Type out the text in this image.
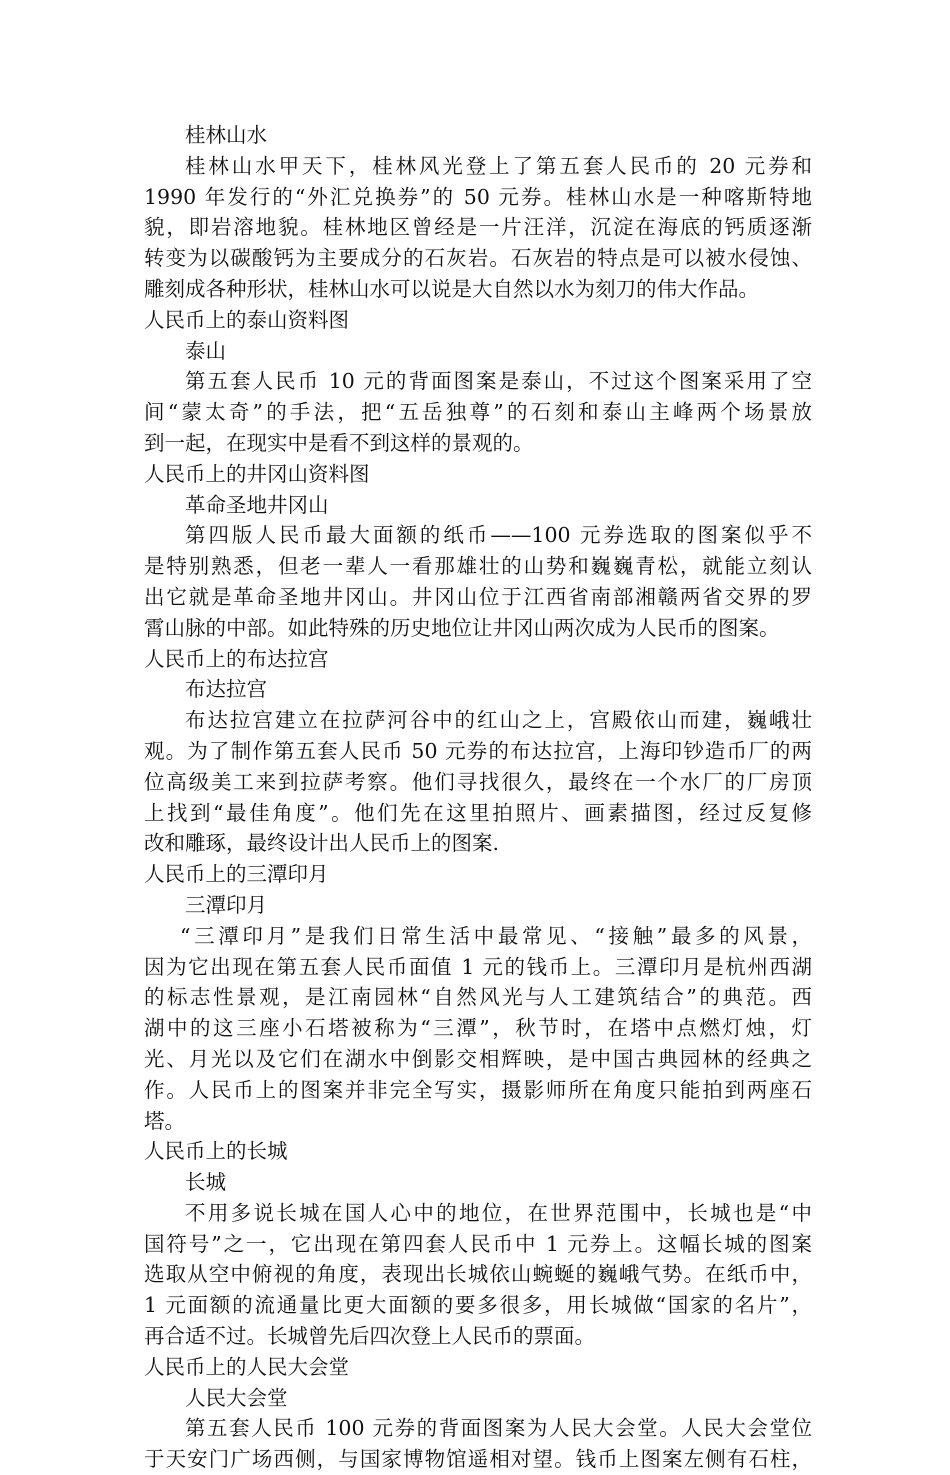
桂林山水
桂林山水甲天下，桂林风光登上了第五套人民币的 20 元券和
1990 年发行的“外汇兑换券”的 50 元券。桂林山水是一种喀斯特地
貌，即岩溶地貌。桂林地区曾经是一片汪洋，沉淀在海底的钙质逐渐
转变为以碳酸钙为主要成分的石灰岩。石灰岩的特点是可以被水侵蚀、
雕刻成各种形状，桂林山水可以说是大自然以水为刻刀的伟大作品。
人民币上的泰山资料图
泰山
第五套人民币 10 元的背面图案是泰山，不过这个图案采用了空
间“蒙太奇”的手法，把“五岳独尊”的石刻和泰山主峰两个场景放
到一起，在现实中是看不到这样的景观的。
人民币上的井冈山资料图
革命圣地井冈山
第四版人民币最大面额的纸币——100 元券选取的图案似乎不
是特别熟悉，但老一辈人一看那雄壮的山势和巍巍青松，就能立刻认
出它就是革命圣地井冈山。井冈山位于江西省南部湘赣两省交界的罗
霄山脉的中部。如此特殊的历史地位让井冈山两次成为人民币的图案。
人民币上的布达拉宫
布达拉宫
布达拉宫建立在拉萨河谷中的红山之上，宫殿依山而建，巍峨壮
观。为了制作第五套人民币 50 元券的布达拉宫，上海印钞造币厂的两
位高级美工来到拉萨考察。他们寻找很久，最终在一个水厂的厂房顶
上找到“最佳角度”。他们先在这里拍照片、画素描图，经过反复修
改和雕琢，最终设计出人民币上的图案.
人民币上的三潭印月
三潭印月
“三潭印月”是我们日常生活中最常见、“接触”最多的风景，
因为它出现在第五套人民币面值 1 元的钱币上。三潭印月是杭州西湖
的标志性景观，是江南园林“自然风光与人工建筑结合”的典范。西
湖中的这三座小石塔被称为“三潭”，秋节时，在塔中点燃灯烛，灯
光、月光以及它们在湖水中倒影交相辉映，是中国古典园林的经典之
作。人民币上的图案并非完全写实，摄影师所在角度只能拍到两座石
塔。
人民币上的长城
长城
不用多说长城在国人心中的地位，在世界范围中，长城也是“中
国符号”之一，它出现在第四套人民币中 1 元券上。这幅长城的图案
选取从空中俯视的角度，表现出长城依山蜿蜒的巍峨气势。在纸币中，
1 元面额的流通量比更大面额的要多很多，用长城做“国家的名片”，
再合适不过。长城曾先后四次登上人民币的票面。
人民币上的人民大会堂
人民大会堂
第五套人民币 100 元券的背面图案为人民大会堂。人民大会堂位
于天安门广场西侧，与国家博物馆遥相对望。钱币上图案左侧有石柱，
